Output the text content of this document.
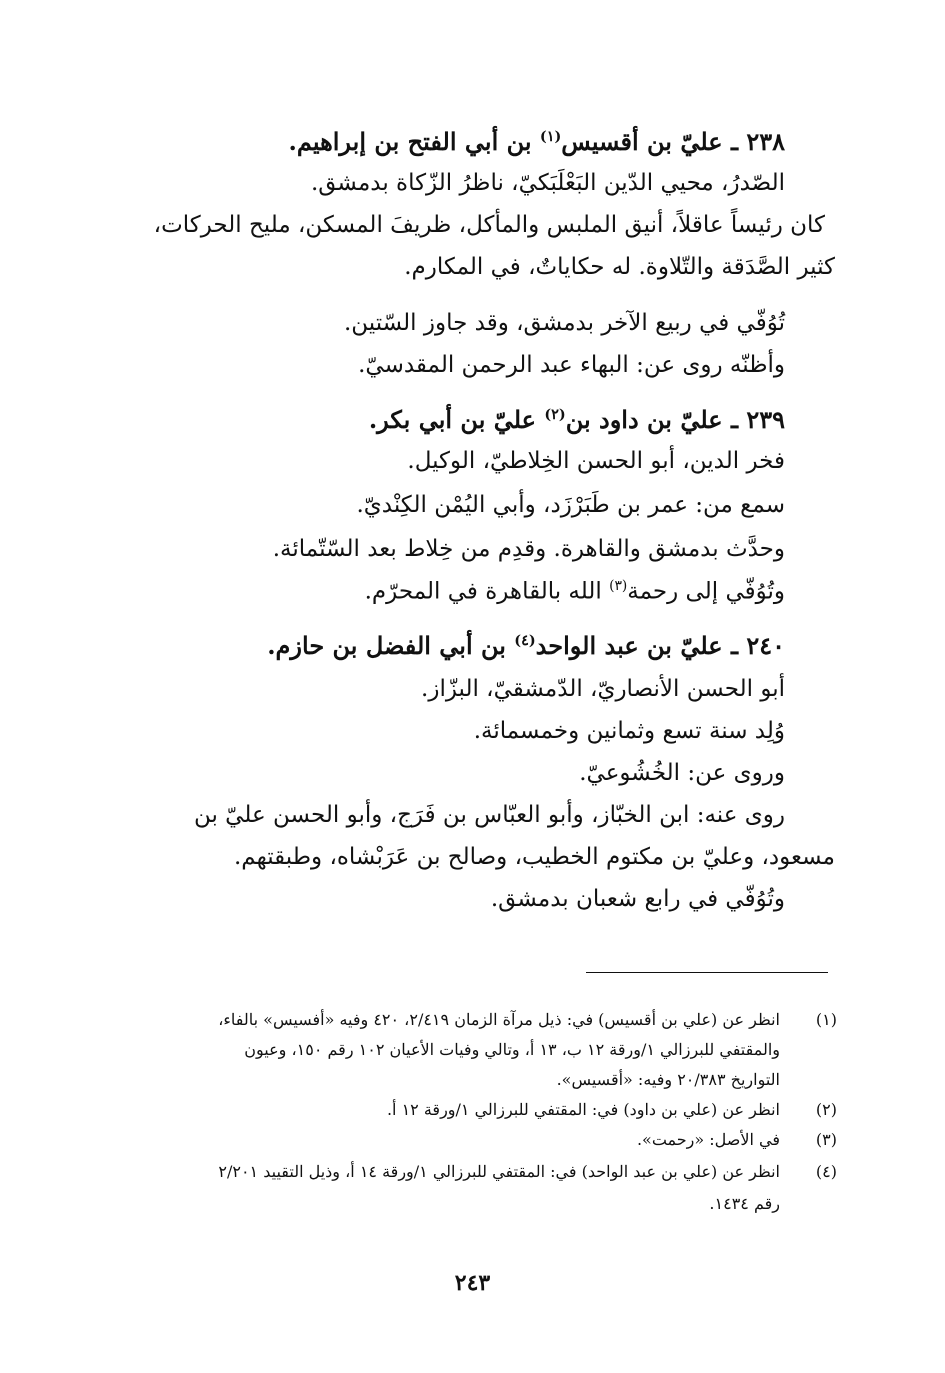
٢٣٨ ـ عليّ بن أقسيس$^{(١)}$ بن أبي الفتح بن إبراهيم.
الصّدرُ، محيي الدّين البَعْلَبَكيّ، ناظرُ الزّكاة بدمشق.
كان رئيساً عاقلاً، أنيق الملبس والمأكل، ظريفَ المسكن، مليح الحركات،
كثير الصَّدَقة والتّلاوة. له حكاياتٌ، في المكارم.
تُوُفّي في ربيع الآخر بدمشق، وقد جاوز السّتين.
وأظنّه روى عن: البهاء عبد الرحمن المقدسيّ.
٢٣٩ ـ عليّ بن داود بن$^{(٢)}$ عليّ بن أبي بكر.
فخر الدين، أبو الحسن الخِلاطيّ، الوكيل.
سمع من: عمر بن طَبَرْزَد، وأبي اليُمْن الكِنْديّ.
وحدَّث بدمشق والقاهرة. وقدِم من خِلاط بعد السّتّمائة.
وتُوُفّي إلى رحمة$^{(٣)}$ الله بالقاهرة في المحرّم.
٢٤٠ ـ عليّ بن عبد الواحد$^{(٤)}$ بن أبي الفضل بن حازم.
أبو الحسن الأنصاريّ، الدّمشقيّ، البزّاز.
وُلِد سنة تسع وثمانين وخمسمائة.
وروى عن: الخُشُوعيّ.
روى عنه: ابن الخبّاز، وأبو العبّاس بن فَرَج، وأبو الحسن عليّ بن
مسعود، وعليّ بن مكتوم الخطيب، وصالح بن عَرَبْشاه، وطبقتهم.
وتُوُفّي في رابع شعبان بدمشق.
(١)
انظر عن (علي بن أقسيس) في: ذيل مرآة الزمان ٢/٤١٩، ٤٢٠ وفيه «أفسيس» بالفاء،
والمقتفي للبرزالي ١/ورقة ١٢ ب، ١٣ أ، وتالي وفيات الأعيان ١٠٢ رقم ١٥٠، وعيون
التواريخ ٢٠/٣٨٣ وفيه: «أقسيس».
(٢)
انظر عن (علي بن داود) في: المقتفي للبرزالي ١/ورقة ١٢ أ.
(٣)
في الأصل: «رحمت».
(٤)
انظر عن (علي بن عبد الواحد) في: المقتفي للبرزالي ١/ورقة ١٤ أ، وذيل التقييد ٢/٢٠١
رقم ١٤٣٤.
٢٤٣
